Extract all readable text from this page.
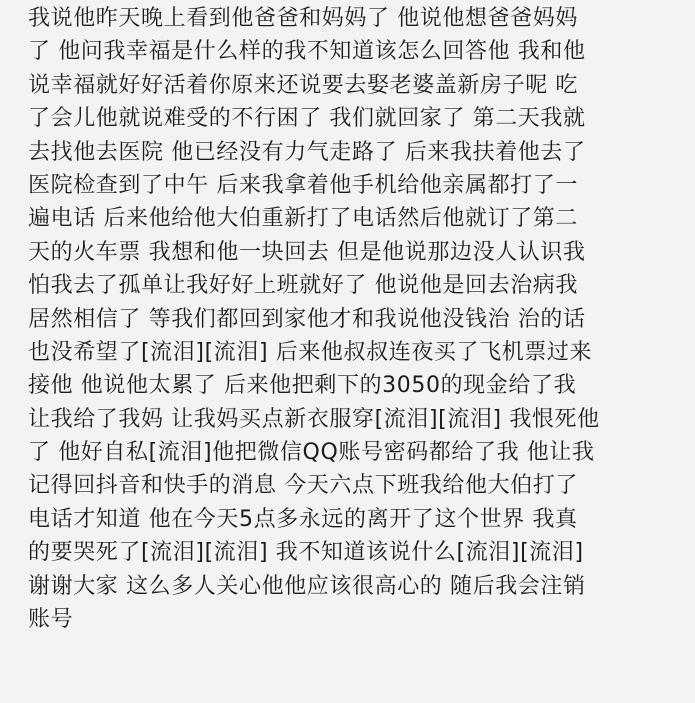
我说他昨天晚上看到他爸爸和妈妈了 他说他想爸爸妈妈
了 他问我幸福是什么样的我不知道该怎么回答他 我和他
说幸福就好好活着你原来还说要去娶老婆盖新房子呢 吃
了会儿他就说难受的不行困了 我们就回家了 第二天我就
去找他去医院 他已经没有力气走路了 后来我扶着他去了
医院检查到了中午 后来我拿着他手机给他亲属都打了一
遍电话 后来他给他大伯重新打了电话然后他就订了第二
天的火车票 我想和他一块回去 但是他说那边没人认识我
怕我去了孤单让我好好上班就好了 他说他是回去治病我
居然相信了 等我们都回到家他才和我说他没钱治 治的话
也没希望了[流泪][流泪] 后来他叔叔连夜买了飞机票过来
接他 他说他太累了 后来他把剩下的3050的现金给了我
让我给了我妈 让我妈买点新衣服穿[流泪][流泪] 我恨死他
了 他好自私[流泪]他把微信QQ账号密码都给了我 他让我
记得回抖音和快手的消息 今天六点下班我给他大伯打了
电话才知道 他在今天5点多永远的离开了这个世界 我真
的要哭死了[流泪][流泪] 我不知道该说什么[流泪][流泪]
谢谢大家 这么多人关心他他应该很高心的 随后我会注销
账号
